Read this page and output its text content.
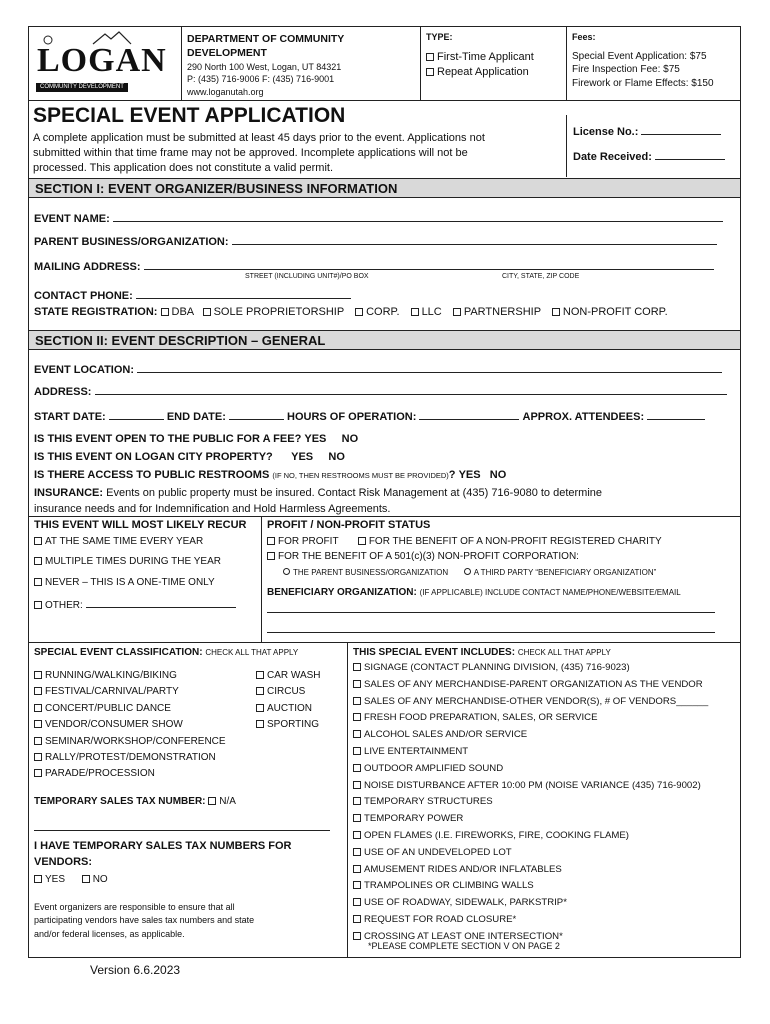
LOGAN
COMMUNITY DEVELOPMENT
DEPARTMENT OF COMMUNITY
DEVELOPMENT
290 North 100 West, Logan, UT 84321
P: (435) 716-9006 F: (435) 716-9001
www.loganutah.org
TYPE:
First-Time Applicant
Repeat Application
Fees:
Special Event Application: $75
Fire Inspection Fee: $75
Firework or Flame Effects: $150
SPECIAL EVENT APPLICATION
A complete application must be submitted at least 45 days prior to the event. Applications not
submitted within that time frame may not be approved. Incomplete applications will not be
processed. This application does not constitute a valid permit.
License No.:
Date Received:
SECTION I: EVENT ORGANIZER/BUSINESS INFORMATION
EVENT NAME:
PARENT BUSINESS/ORGANIZATION:
MAILING ADDRESS:
STREET (INCLUDING UNIT#)/PO BOX	CITY, STATE, ZIP CODE
CONTACT PHONE:
STATE REGISTRATION: DBA SOLE PROPRIETORSHIP CORP. LLC PARTNERSHIP NON-PROFIT CORP.
SECTION II: EVENT DESCRIPTION – GENERAL
EVENT LOCATION:
ADDRESS:
START DATE:	END DATE:	HOURS OF OPERATION:	APPROX. ATTENDEES:
IS THIS EVENT OPEN TO THE PUBLIC FOR A FEE? YES NO
IS THIS EVENT ON LOGAN CITY PROPERTY? YES NO
IS THERE ACCESS TO PUBLIC RESTROOMS (IF NO, THEN RESTROOMS MUST BE PROVIDED)? YES NO
INSURANCE: Events on public property must be insured. Contact Risk Management at (435) 716-9080 to determine
insurance needs and for Indemnification and Hold Harmless Agreements.
THIS EVENT WILL MOST LIKELY RECUR
AT THE SAME TIME EVERY YEAR
MULTIPLE TIMES DURING THE YEAR
NEVER – THIS IS A ONE-TIME ONLY
OTHER:
PROFIT / NON-PROFIT STATUS
FOR PROFIT	FOR THE BENEFIT OF A NON-PROFIT REGISTERED CHARITY
FOR THE BENEFIT OF A 501(c)(3) NON-PROFIT CORPORATION:
THE PARENT BUSINESS/ORGANIZATION	A THIRD PARTY “BENEFICIARY ORGANIZATION”
BENEFICIARY ORGANIZATION: (IF APPLICABLE) INCLUDE CONTACT NAME/PHONE/WEBSITE/EMAIL
SPECIAL EVENT CLASSIFICATION: CHECK ALL THAT APPLY
RUNNING/WALKING/BIKING
FESTIVAL/CARNIVAL/PARTY
CONCERT/PUBLIC DANCE
VENDOR/CONSUMER SHOW
SEMINAR/WORKSHOP/CONFERENCE
RALLY/PROTEST/DEMONSTRATION
PARADE/PROCESSION
CAR WASH
CIRCUS
AUCTION
SPORTING
TEMPORARY SALES TAX NUMBER: N/A
I HAVE TEMPORARY SALES TAX NUMBERS FOR
VENDORS:
YES	NO
Event organizers are responsible to ensure that all
participating vendors have sales tax numbers and state
and/or federal licenses, as applicable.
THIS SPECIAL EVENT INCLUDES: CHECK ALL THAT APPLY
SIGNAGE (CONTACT PLANNING DIVISION, (435) 716-9023)
SALES OF ANY MERCHANDISE-PARENT ORGANIZATION AS THE VENDOR
SALES OF ANY MERCHANDISE-OTHER VENDOR(S), # OF VENDORS______
FRESH FOOD PREPARATION, SALES, OR SERVICE
ALCOHOL SALES AND/OR SERVICE
LIVE ENTERTAINMENT
OUTDOOR AMPLIFIED SOUND
NOISE DISTURBANCE AFTER 10:00 PM (NOISE VARIANCE (435) 716-9002)
TEMPORARY STRUCTURES
TEMPORARY POWER
OPEN FLAMES (I.E. FIREWORKS, FIRE, COOKING FLAME)
USE OF AN UNDEVELOPED LOT
AMUSEMENT RIDES AND/OR INFLATABLES
TRAMPOLINES OR CLIMBING WALLS
USE OF ROADWAY, SIDEWALK, PARKSTRIP*
REQUEST FOR ROAD CLOSURE*
CROSSING AT LEAST ONE INTERSECTION*
*PLEASE COMPLETE SECTION V ON PAGE 2
Version 6.6.2023
